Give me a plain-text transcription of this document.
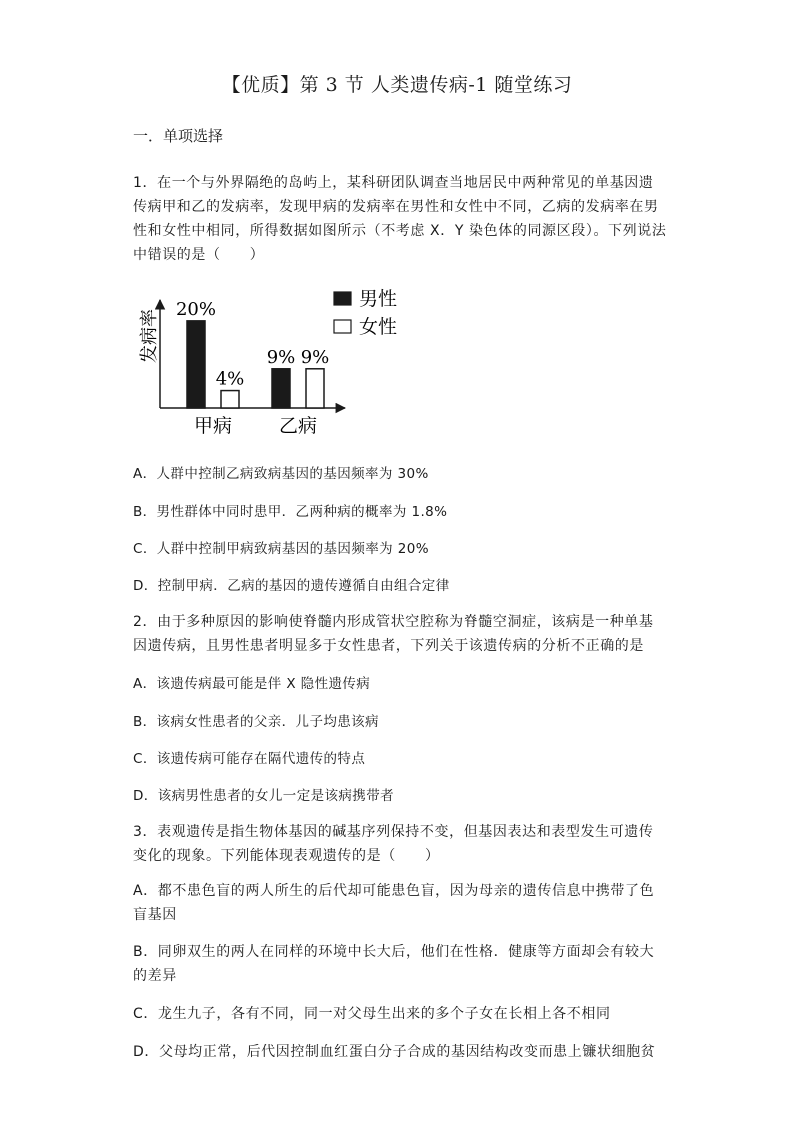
【优质】第 3 节 人类遗传病-1 随堂练习
一．单项选择
1．在一个与外界隔绝的岛屿上，某科研团队调查当地居民中两种常见的单基因遗
传病甲和乙的发病率，发现甲病的发病率在男性和女性中不同，乙病的发病率在男
性和女性中相同，所得数据如图所示（不考虑 X．Y 染色体的同源区段）。下列说法
中错误的是（　　）
发病率 20%
4%
甲病
9% 9%
乙病
男性
女性
A．人群中控制乙病致病基因的基因频率为 30%
B．男性群体中同时患甲．乙两种病的概率为 1.8%
C．人群中控制甲病致病基因的基因频率为 20%
D．控制甲病．乙病的基因的遗传遵循自由组合定律
2．由于多种原因的影响使脊髓内形成管状空腔称为脊髓空洞症，该病是一种单基
因遗传病，且男性患者明显多于女性患者，下列关于该遗传病的分析不正确的是
A．该遗传病最可能是伴 X 隐性遗传病
B．该病女性患者的父亲．儿子均患该病
C．该遗传病可能存在隔代遗传的特点
D．该病男性患者的女儿一定是该病携带者
3．表观遗传是指生物体基因的碱基序列保持不变，但基因表达和表型发生可遗传
变化的现象。下列能体现表观遗传的是（　　）
A．都不患色盲的两人所生的后代却可能患色盲，因为母亲的遗传信息中携带了色
盲基因
B．同卵双生的两人在同样的环境中长大后，他们在性格．健康等方面却会有较大
的差异
C．龙生九子，各有不同，同一对父母生出来的多个子女在长相上各不相同
D．父母均正常，后代因控制血红蛋白分子合成的基因结构改变而患上镰状细胞贫
